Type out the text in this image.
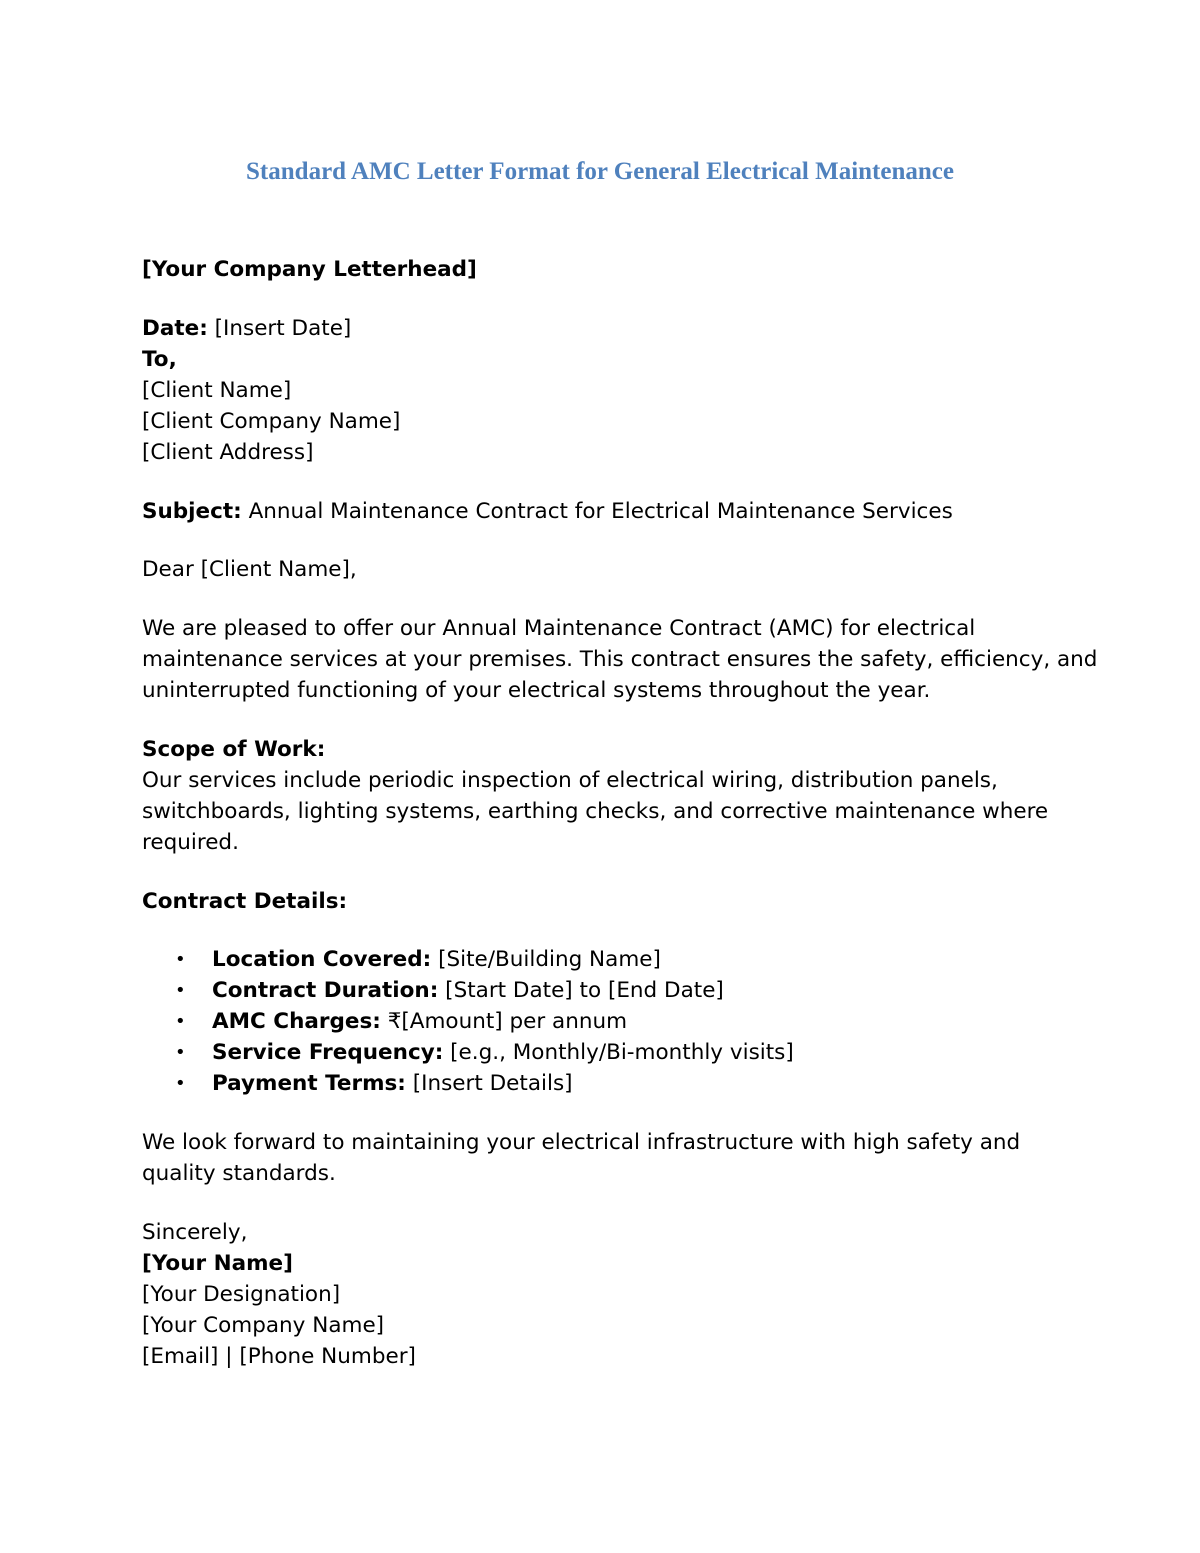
Standard AMC Letter Format for General Electrical Maintenance

[Your Company Letterhead]

Date: [Insert Date]

To,

[Client Name]

[Client Company Name]

[Client Address]

Subject: Annual Maintenance Contract for Electrical Maintenance Services

Dear [Client Name],

We are pleased to offer our Annual Maintenance Contract (AMC) for electrical

maintenance services at your premises. This contract ensures the safety, efficiency, and

uninterrupted functioning of your electrical systems throughout the year.

Scope of Work:

Our services include periodic inspection of electrical wiring, distribution panels,

switchboards, lighting systems, earthing checks, and corrective maintenance where

required.

Contract Details:

• Location Covered: [Site/Building Name]
• Contract Duration: [Start Date] to [End Date]
• AMC Charges: ₹[Amount] per annum
• Service Frequency: [e.g., Monthly/Bi-monthly visits]
• Payment Terms: [Insert Details]

We look forward to maintaining your electrical infrastructure with high safety and

quality standards.

Sincerely,

[Your Name]

[Your Designation]

[Your Company Name]

[Email] | [Phone Number]
